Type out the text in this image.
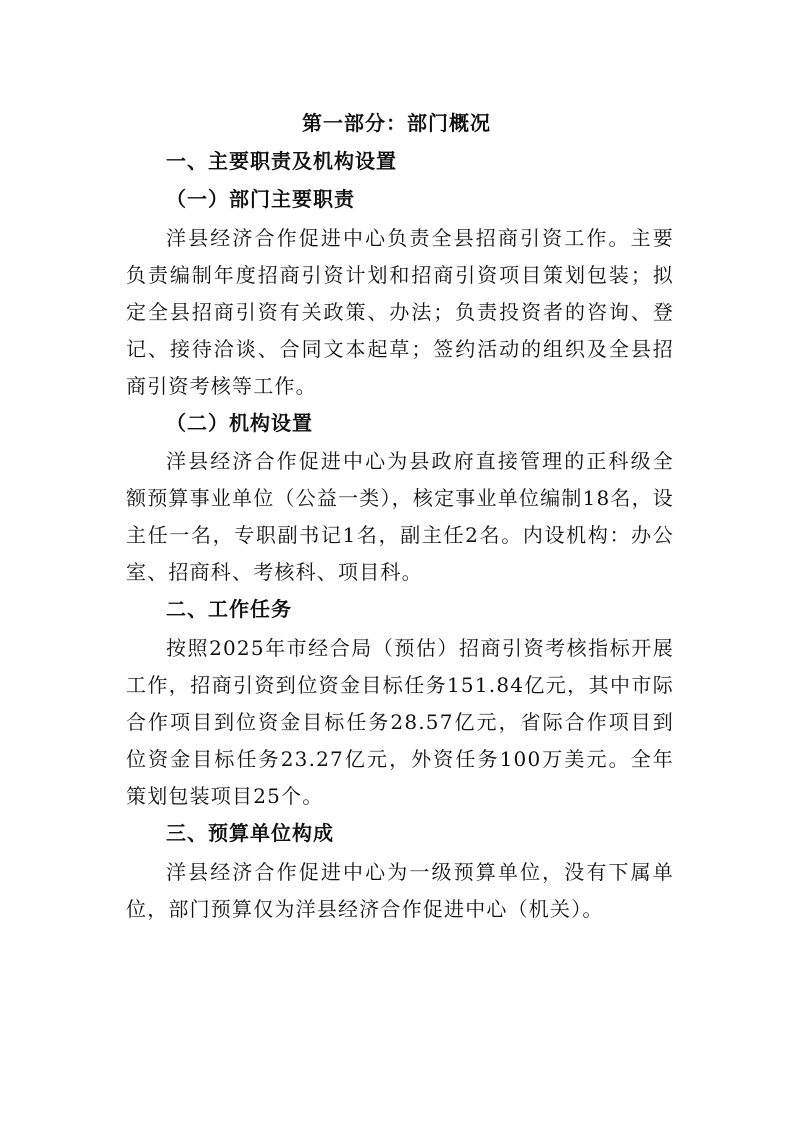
第一部分：部门概况
一、主要职责及机构设置
（一）部门主要职责
洋县经济合作促进中心负责全县招商引资工作。主要负责编制年度招商引资计划和招商引资项目策划包装；拟定全县招商引资有关政策、办法；负责投资者的咨询、登记、接待洽谈、合同文本起草；签约活动的组织及全县招商引资考核等工作。
（二）机构设置
洋县经济合作促进中心为县政府直接管理的正科级全额预算事业单位（公益一类），核定事业单位编制18名，设主任一名，专职副书记1名，副主任2名。内设机构：办公室、招商科、考核科、项目科。
二、工作任务
按照2025年市经合局（预估）招商引资考核指标开展工作，招商引资到位资金目标任务151.84亿元，其中市际合作项目到位资金目标任务28.57亿元，省际合作项目到位资金目标任务23.27亿元，外资任务100万美元。全年策划包装项目25个。
三、预算单位构成
洋县经济合作促进中心为一级预算单位，没有下属单位，部门预算仅为洋县经济合作促进中心（机关）。
